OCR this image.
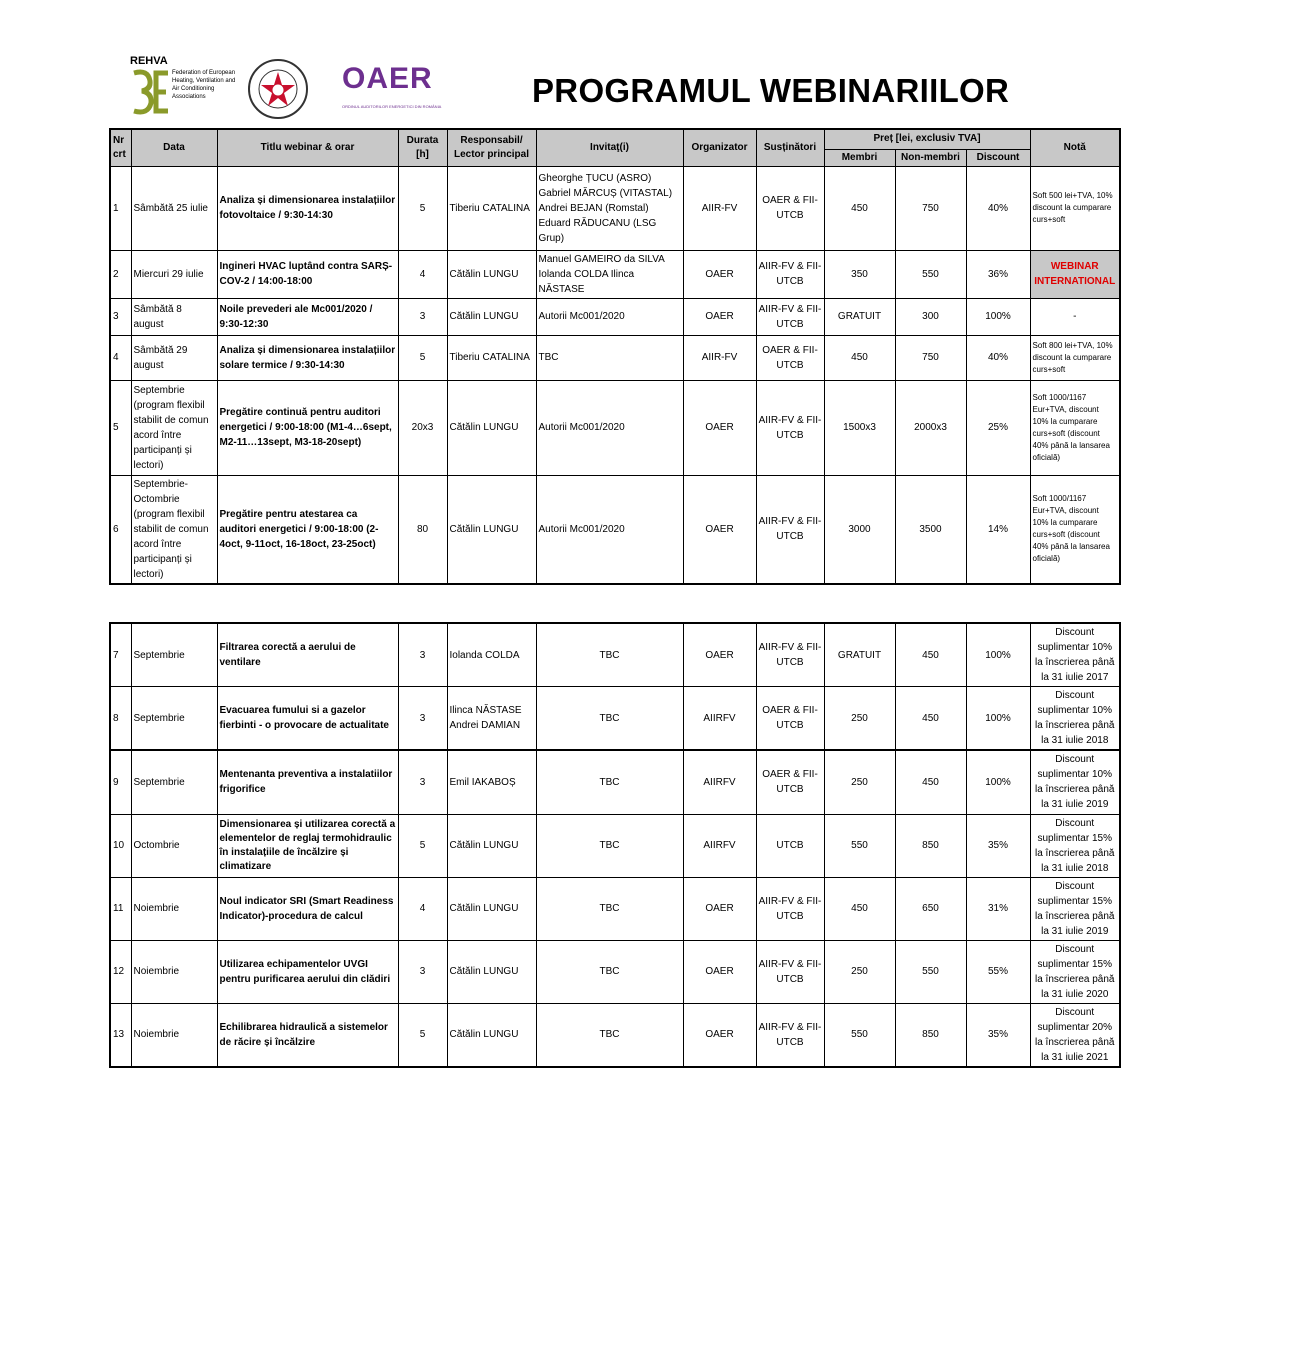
REHVA
Federation of European Heating, Ventilation and Air Conditioning Associations
OAER
ORDINUL AUDITORILOR ENERGETICI DIN ROMÂNIA	PROGRAMUL WEBINARIILOR
Nr crt	Data	Titlu webinar & orar	Durata [h]	Responsabil/ Lector principal	Invitaţ(i)	Organizator	Susținători	Preț [lei, exclusiv TVA]			Notă
								Membri	Non-membri	Discount	
1	Sâmbătă 25 iulie	Analiza și dimensionarea instalațiilor fotovoltaice / 9:30-14:30	5	Tiberiu CATALINA	Gheorghe ȚUCU (ASRO) Gabriel MĂRCUȘ (VITASTAL) Andrei BEJAN (Romstal) Eduard RĂDUCANU (LSG Grup)	AIIR-FV	OAER & FII-UTCB	450	750	40%	Soft 500 lei+TVA, 10% discount la cumparare curs+soft
2	Miercuri 29 iulie	Ingineri HVAC luptând contra SARȘ-COV-2 / 14:00-18:00	4	Cătălin LUNGU	Manuel GAMEIRO da SILVA Iolanda COLDA Ilinca NĂSTASE	OAER	AIIR-FV & FII-UTCB	350	550	36%	WEBINAR INTERNATIONAL
3	Sâmbătă 8 august	Noile prevederi ale Mc001/2020 / 9:30-12:30	3	Cătălin LUNGU	Autorii Mc001/2020	OAER	AIIR-FV & FII-UTCB	GRATUIT	300	100%	-
4	Sâmbătă 29 august	Analiza și dimensionarea instalațiilor solare termice / 9:30-14:30	5	Tiberiu CATALINA	TBC	AIIR-FV	OAER & FII-UTCB	450	750	40%	Soft 800 lei+TVA, 10% discount la cumparare curs+soft
5	Septembrie (program flexibil stabilit de comun acord între participanți și lectori)	Pregătire continuă pentru auditori energetici / 9:00-18:00 (M1-4…6sept, M2-11…13sept, M3-18-20sept)	20x3	Cătălin LUNGU	Autorii Mc001/2020	OAER	AIIR-FV & FII-UTCB	1500x3	2000x3	25%	Soft 1000/1167 Eur+TVA, discount 10% la cumparare curs+soft (discount 40% până la lansarea oficială)
6	Septembrie-Octombrie (program flexibil stabilit de comun acord între participanți și lectori)	Pregătire pentru atestarea ca auditori energetici / 9:00-18:00 (2-4oct, 9-11oct, 16-18oct, 23-25oct)	80	Cătălin LUNGU	Autorii Mc001/2020	OAER	AIIR-FV & FII-UTCB	3000	3500	14%	Soft 1000/1167 Eur+TVA, discount 10% la cumparare curs+soft (discount 40% până la lansarea oficială)
7	Septembrie	Filtrarea corectă a aerului de ventilare	3	Iolanda COLDA	TBC	OAER	AIIR-FV & FII-UTCB	GRATUIT	450	100%	Discount suplimentar 10% la înscrierea până la 31 iulie 2017
8	Septembrie	Evacuarea fumului si a gazelor fierbinti - o provocare de actualitate	3	Ilinca NĂSTASE Andrei DAMIAN	TBC	AIIRFV	OAER & FII-UTCB	250	450	100%	Discount suplimentar 10% la înscrierea până la 31 iulie 2018
9	Septembrie	Mentenanta preventiva a instalatiilor frigorifice	3	Emil IAKABOȘ	TBC	AIIRFV	OAER & FII-UTCB	250	450	100%	Discount suplimentar 10% la înscrierea până la 31 iulie 2019
10	Octombrie	Dimensionarea și utilizarea corectă a elementelor de reglaj termohidraulic în instalațiile de încălzire și climatizare	5	Cătălin LUNGU	TBC	AIIRFV	UTCB	550	850	35%	Discount suplimentar 15% la înscrierea până la 31 iulie 2018
11	Noiembrie	Noul indicator SRI (Smart Readiness Indicator)-procedura de calcul	4	Cătălin LUNGU	TBC	OAER	AIIR-FV & FII-UTCB	450	650	31%	Discount suplimentar 15% la înscrierea până la 31 iulie 2019
12	Noiembrie	Utilizarea echipamentelor UVGI pentru purificarea aerului din clădiri	3	Cătălin LUNGU	TBC	OAER	AIIR-FV & FII-UTCB	250	550	55%	Discount suplimentar 15% la înscrierea până la 31 iulie 2020
13	Noiembrie	Echilibrarea hidraulică a sistemelor de răcire și încălzire	5	Cătălin LUNGU	TBC	OAER	AIIR-FV & FII-UTCB	550	850	35%	Discount suplimentar 20% la înscrierea până la 31 iulie 2021
